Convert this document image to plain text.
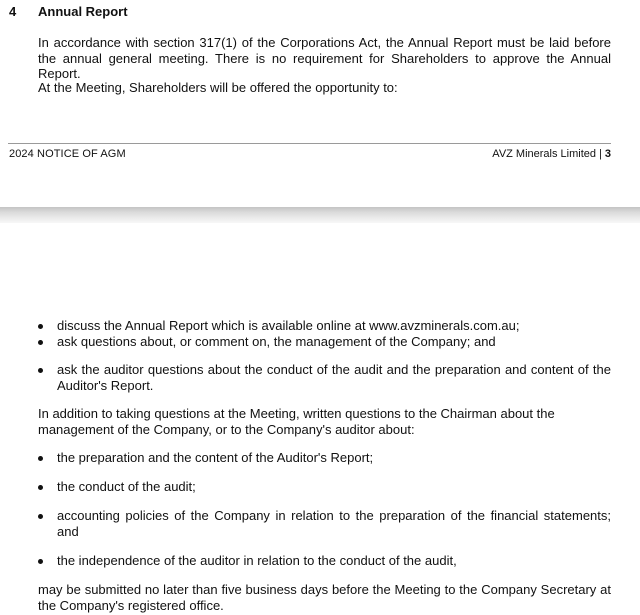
4 Annual Report
In accordance with section 317(1) of the Corporations Act, the Annual Report must be laid before the annual general meeting. There is no requirement for Shareholders to approve the Annual Report.
At the Meeting, Shareholders will be offered the opportunity to:
2024 NOTICE OF AGM	AVZ Minerals Limited | 3
discuss the Annual Report which is available online at www.avzminerals.com.au;
ask questions about, or comment on, the management of the Company; and
ask the auditor questions about the conduct of the audit and the preparation and content of the Auditor's Report.
In addition to taking questions at the Meeting, written questions to the Chairman about the management of the Company, or to the Company's auditor about:
the preparation and the content of the Auditor's Report;
the conduct of the audit;
accounting policies of the Company in relation to the preparation of the financial statements; and
the independence of the auditor in relation to the conduct of the audit,
may be submitted no later than five business days before the Meeting to the Company Secretary at the Company's registered office.
